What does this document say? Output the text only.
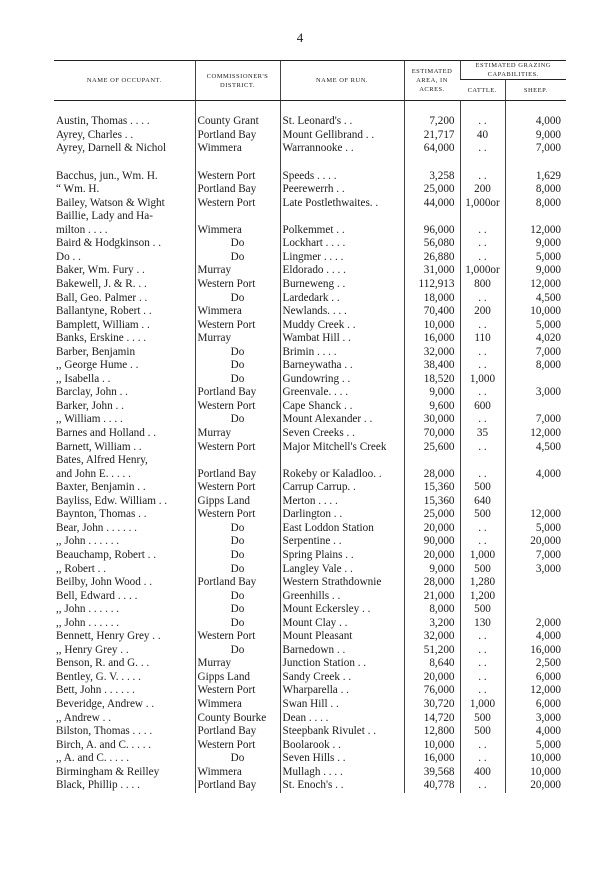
4
NAME OF OCCUPANT.	COMMISSIONER'S DISTRICT.	NAME OF RUN.	ESTIMATED AREA, IN ACRES.	ESTIMATED GRAZING CAPABILITIES.	
				CATTLE.	SHEEP.
Austin, Thomas . . . .	County Grant	St. Leonard's . .	7,200	. .	4,000
Ayrey, Charles . .	Portland Bay	Mount Gellibrand . .	21,717	40	9,000
Ayrey, Darnell & Nichol	Wimmera	Warrannooke . .	64,000	. .	7,000

Bacchus, jun., Wm. H.	Western Port	Speeds . . . .	3,258	. .	1,629
“ Wm. H.	Portland Bay	Peerewerrh . .	25,000	200	8,000
Bailey, Watson & Wight	Western Port	Late Postlethwaites. .	44,000	1,000or	8,000
Baillie, Lady and Ha-					
milton . . . .	Wimmera	Polkemmet . .	96,000	. .	12,000
Baird & Hodgkinson . .	Do	Lockhart . . . .	56,080	. .	9,000
Do . .	Do	Lingmer . . . .	26,880	. .	5,000
Baker, Wm. Fury . .	Murray	Eldorado . . . .	31,000	1,000or	9,000
Bakewell, J. & R. . .	Western Port	Burneweng . .	112,913	800	12,000
Ball, Geo. Palmer . .	Do	Lardedark . .	18,000	. .	4,500
Ballantyne, Robert . .	Wimmera	Newlands. . . .	70,400	200	10,000
Bamplett, William . .	Western Port	Muddy Creek . .	10,000	. .	5,000
Banks, Erskine . . . .	Murray	Wambat Hill . .	16,000	110	4,020
Barber, Benjamin	Do	Brimin . . . .	32,000	. .	7,000
,, George Hume . .	Do	Barneywatha . .	38,400	. .	8,000
,, Isabella . .	Do	Gundowring . .	18,520	1,000	
Barclay, John . .	Portland Bay	Greenvale. . . .	9,000	. .	3,000
Barker, John . .	Western Port	Cape Shanck . .	9,600	600	
,, William . . . .	Do	Mount Alexander . .	30,000	. .	7,000
Barnes and Holland . .	Murray	Seven Creeks . .	70,000	35	12,000
Barnett, William . .	Western Port	Major Mitchell's Creek	25,600	. .	4,500
Bates, Alfred Henry,					
and John E. . . . .	Portland Bay	Rokeby or Kaladloo. .	28,000	. .	4,000
Baxter, Benjamin . .	Western Port	Carrup Carrup. .	15,360	500	
Bayliss, Edw. William . .	Gipps Land	Merton . . . .	15,360	640	
Baynton, Thomas . .	Western Port	Darlington . .	25,000	500	12,000
Bear, John . . . . . .	Do	East Loddon Station	20,000	. .	5,000
,, John . . . . . .	Do	Serpentine . .	90,000	. .	20,000
Beauchamp, Robert . .	Do	Spring Plains . .	20,000	1,000	7,000
,, Robert . .	Do	Langley Vale . .	9,000	500	3,000
Beilby, John Wood . .	Portland Bay	Western Strathdownie	28,000	1,280	
Bell, Edward . . . .	Do	Greenhills . .	21,000	1,200	
,, John . . . . . .	Do	Mount Eckersley . .	8,000	500	
,, John . . . . . .	Do	Mount Clay . .	3,200	130	2,000
Bennett, Henry Grey . .	Western Port	Mount Pleasant	32,000	. .	4,000
,, Henry Grey . .	Do	Barnedown . .	51,200	. .	16,000
Benson, R. and G. . .	Murray	Junction Station . .	8,640	. .	2,500
Bentley, G. V. . . . .	Gipps Land	Sandy Creek . .	20,000	. .	6,000
Bett, John . . . . . .	Western Port	Wharparella . .	76,000	. .	12,000
Beveridge, Andrew . .	Wimmera	Swan Hill . .	30,720	1,000	6,000
,, Andrew . .	County Bourke	Dean . . . .	14,720	500	3,000
Bilston, Thomas . . . .	Portland Bay	Steepbank Rivulet . .	12,800	500	4,000
Birch, A. and C. . . . .	Western Port	Boolarook . .	10,000	. .	5,000
,, A. and C. . . . .	Do	Seven Hills . .	16,000	. .	10,000
Birmingham & Reilley	Wimmera	Mullagh . . . .	39,568	400	10,000
Black, Phillip . . . .	Portland Bay	St. Enoch's . .	40,778	. .	20,000
